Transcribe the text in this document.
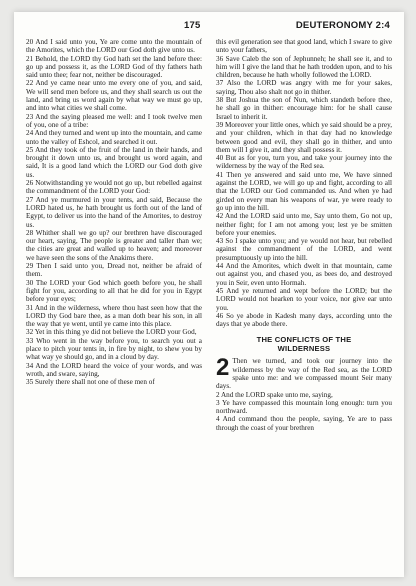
175	DEUTERONOMY 2:4

20 And I said unto you, Ye are come unto the mountain of the Amorites, which the LORD our God doth give unto us.

21 Behold, the LORD thy God hath set the land before thee: go up and possess it, as the LORD God of thy fathers hath said unto thee; fear not, neither be discouraged.

22 And ye came near unto me every one of you, and said, We will send men before us, and they shall search us out the land, and bring us word again by what way we must go up, and into what cities we shall come.

23 And the saying pleased me well: and I took twelve men of you, one of a tribe:

24 And they turned and went up into the mountain, and came unto the valley of Eshcol, and searched it out.

25 And they took of the fruit of the land in their hands, and brought it down unto us, and brought us word again, and said, It is a good land which the LORD our God doth give us.

26 Notwithstanding ye would not go up, but rebelled against the commandment of the LORD your God:

27 And ye murmured in your tents, and said, Because the LORD hated us, he hath brought us forth out of the land of Egypt, to deliver us into the hand of the Amorites, to destroy us.

28 Whither shall we go up? our brethren have discouraged our heart, saying, The people is greater and taller than we; the cities are great and walled up to heaven; and moreover we have seen the sons of the Anakims there.

29 Then I said unto you, Dread not, neither be afraid of them.

30 The LORD your God which goeth before you, he shall fight for you, according to all that he did for you in Egypt before your eyes;

31 And in the wilderness, where thou hast seen how that the LORD thy God bare thee, as a man doth bear his son, in all the way that ye went, until ye came into this place.

32 Yet in this thing ye did not believe the LORD your God,

33 Who went in the way before you, to search you out a place to pitch your tents in, in fire by night, to shew you by what way ye should go, and in a cloud by day.

34 And the LORD heard the voice of your words, and was wroth, and sware, saying,

35 Surely there shall not one of these men of

this evil generation see that good land, which I sware to give unto your fathers,

36 Save Caleb the son of Jephunneh; he shall see it, and to him will I give the land that he hath trodden upon, and to his children, because he hath wholly followed the LORD.

37 Also the LORD was angry with me for your sakes, saying, Thou also shalt not go in thither.

38 But Joshua the son of Nun, which standeth before thee, he shall go in thither: encourage him: for he shall cause Israel to inherit it.

39 Moreover your little ones, which ye said should be a prey, and your children, which in that day had no knowledge between good and evil, they shall go in thither, and unto them will I give it, and they shall possess it.

40 But as for you, turn you, and take your journey into the wilderness by the way of the Red sea.

41 Then ye answered and said unto me, We have sinned against the LORD, we will go up and fight, according to all that the LORD our God commanded us. And when ye had girded on every man his weapons of war, ye were ready to go up into the hill.

42 And the LORD said unto me, Say unto them, Go not up, neither fight; for I am not among you; lest ye be smitten before your enemies.

43 So I spake unto you; and ye would not hear, but rebelled against the commandment of the LORD, and went presumptuously up into the hill.

44 And the Amorites, which dwelt in that mountain, came out against you, and chased you, as bees do, and destroyed you in Seir, even unto Hormah.

45 And ye returned and wept before the LORD; but the LORD would not hearken to your voice, nor give ear unto you.

46 So ye abode in Kadesh many days, according unto the days that ye abode there.

THE CONFLICTS OF THE
WILDERNESS

2 Then we turned, and took our journey into the wilderness by the way of the Red sea, as the LORD spake unto me: and we compassed mount Seir many days.

2 And the LORD spake unto me, saying,

3 Ye have compassed this mountain long enough: turn you northward.

4 And command thou the people, saying, Ye are to pass through the coast of your brethren
